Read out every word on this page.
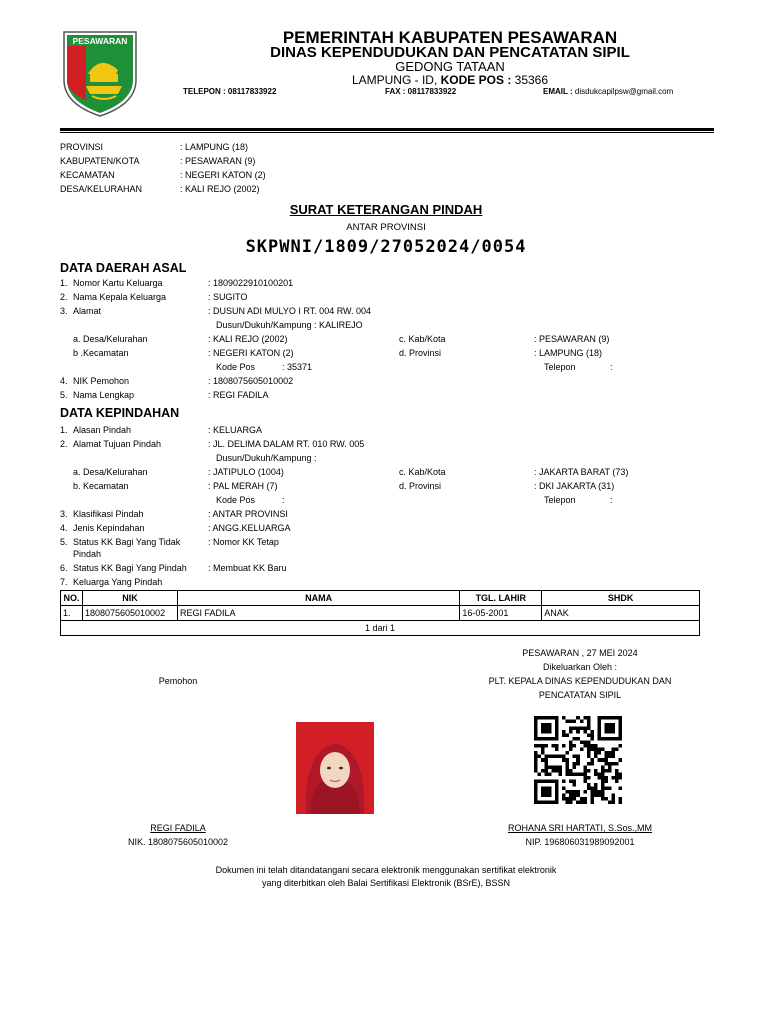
PESAWARAN	PEMERINTAH KABUPATEN PESAWARAN
DINAS KEPENDUDUKAN DAN PENCATATAN SIPIL
GEDONG TATAAN
LAMPUNG - ID, KODE POS : 35366
TELEPON : 08117833922	FAX : 08117833922	EMAIL : disdukcapilpsw@gmail.com
PROVINSI	: LAMPUNG (18)
KABUPATEN/KOTA	: PESAWARAN (9)
KECAMATAN	: NEGERI KATON (2)
DESA/KELURAHAN	: KALI REJO (2002)
SURAT KETERANGAN PINDAH
ANTAR PROVINSI
SKPWNI/1809/27052024/0054
DATA DAERAH ASAL
1. Nomor Kartu Keluarga	: 1809022910100201
2. Nama Kepala Keluarga	: SUGITO
3. Alamat	: DUSUN ADI MULYO I RT. 004 RW. 004
Dusun/Dukuh/Kampung : KALIREJO
a. Desa/Kelurahan	: KALI REJO (2002)	c. Kab/Kota	: PESAWARAN (9)
b .Kecamatan	: NEGERI KATON (2)	d. Provinsi	: LAMPUNG (18)
Kode Pos	: 35371	Telepon	:
4. NIK Pemohon	: 1808075605010002
5. Nama Lengkap	: REGI FADILA
DATA KEPINDAHAN
1. Alasan Pindah	: KELUARGA
2. Alamat Tujuan Pindah	: JL. DELIMA DALAM RT. 010 RW. 005
Dusun/Dukuh/Kampung :
a. Desa/Kelurahan	: JATIPULO (1004)	c. Kab/Kota	: JAKARTA BARAT (73)
b. Kecamatan	: PAL MERAH (7)	d. Provinsi	: DKI JAKARTA (31)
Kode Pos	:	Telepon	:
3. Klasifikasi Pindah	: ANTAR PROVINSI
4. Jenis Kepindahan	: ANGG.KELUARGA
5. Status KK Bagi Yang Tidak
Pindah
: Nomor KK Tetap
6. Status KK Bagi Yang Pindah : Membuat KK Baru
7. Keluarga Yang Pindah
NO.	NIK	NAMA	TGL. LAHIR	SHDK
1.	1808075605010002	REGI FADILA	16-05-2001	ANAK
1 dari 1				
PESAWARAN , 27 MEI 2024
Dikeluarkan Oleh :
PLT. KEPALA DINAS KEPENDUDUKAN DAN
PENCATATAN SIPIL
Pemohon
REGI FADILA
NIK. 1808075605010002
ROHANA SRI HARTATI, S.Sos.,MM
NIP. 196806031989092001
Dokumen ini telah ditandatangani secara elektronik menggunakan sertifikat elektronik
yang diterbitkan oleh Balai Sertifikasi Elektronik (BSrE), BSSN
